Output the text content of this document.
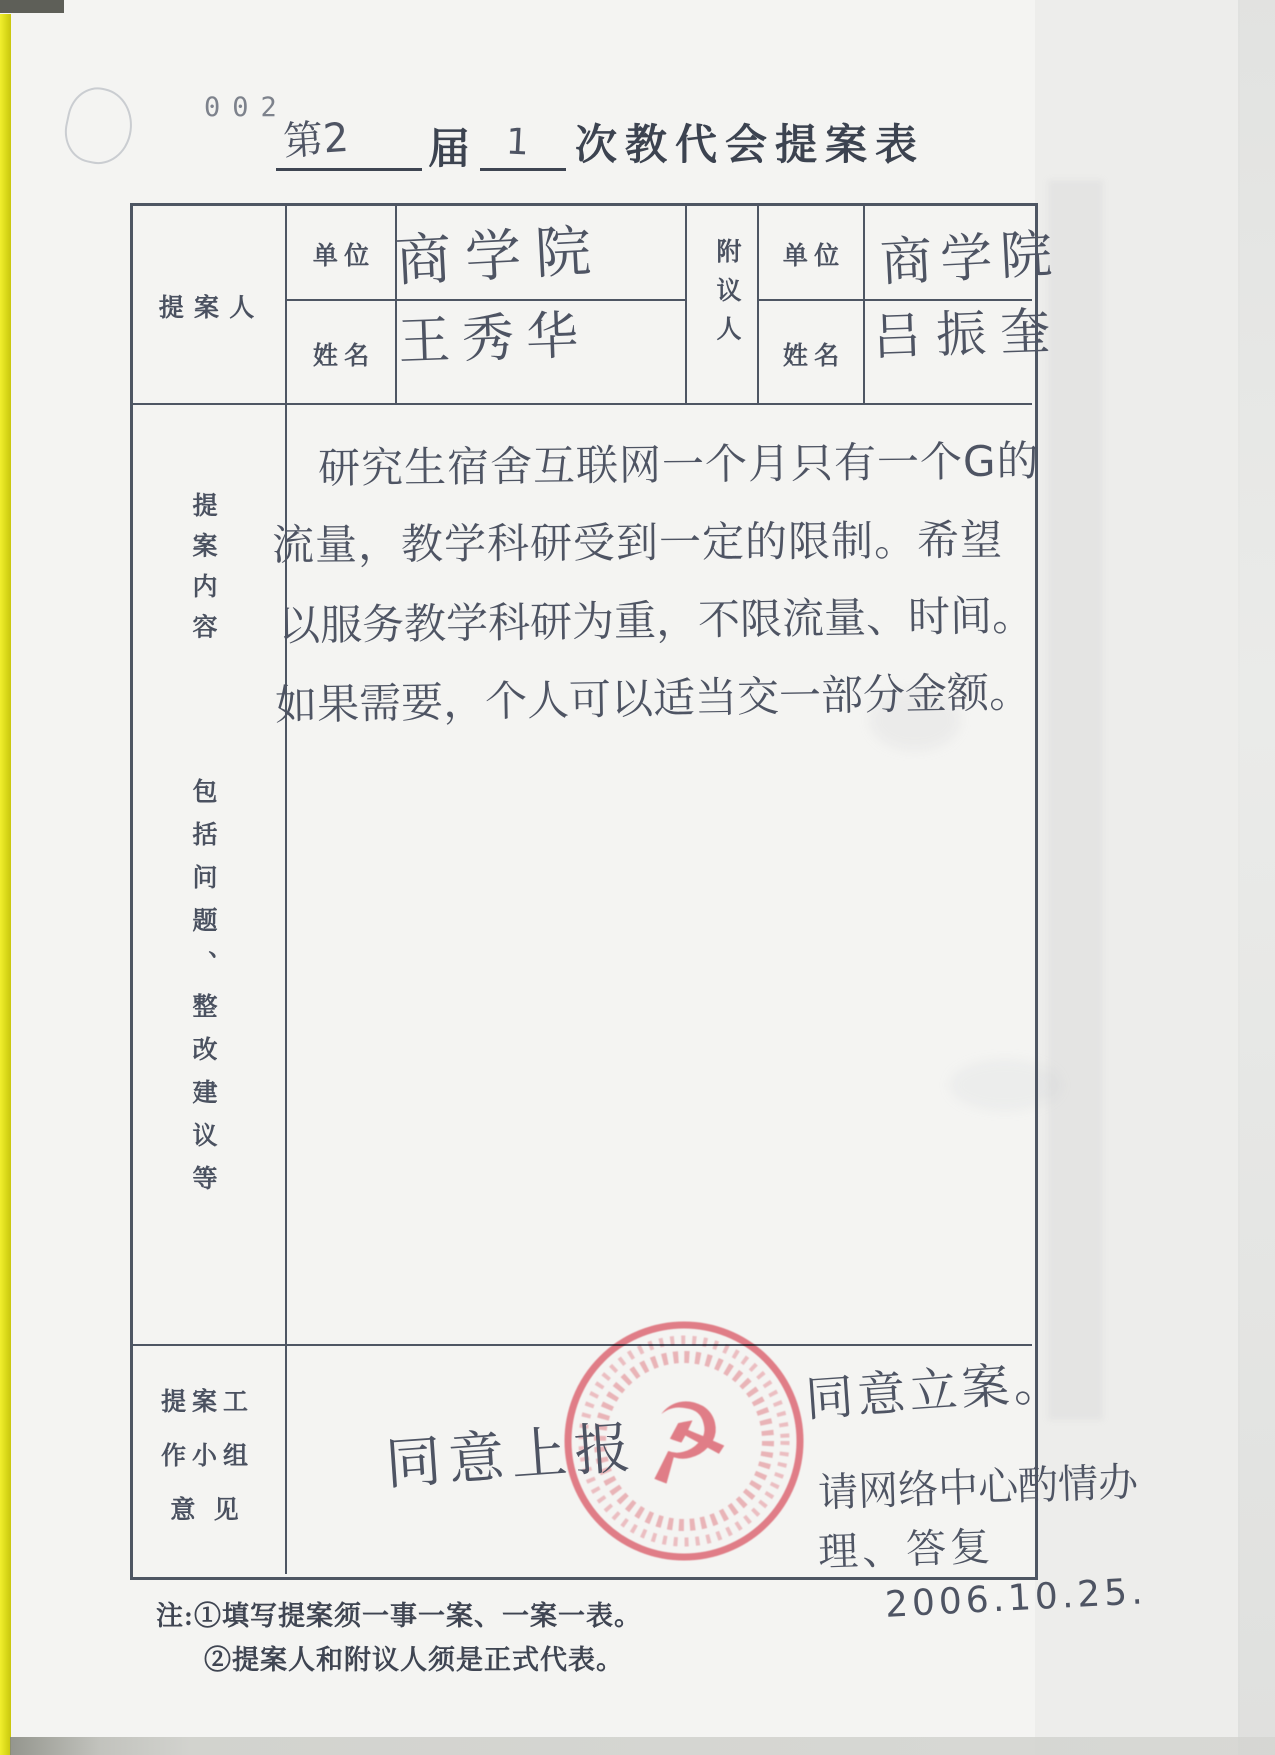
002
第2 届 1 次教代会提案表
提 案 人
单 位
姓 名
附议人	单 位
姓 名
商学院
王秀华
商学院
吕振奎
提案内容
包括问题、整改建议等
研究生宿舍互联网一个月只有一个G的
流量，教学科研受到一定的限制。希望
以服务教学科研为重，不限流量、时间。
如果需要，个人可以适当交一部分金额。
提案工
作小组
意 见
☭
同意上报
同意立案。
请网络中心酌情办
理、答复
2006.10.25.
注:①填写提案须一事一案、一案一表。
②提案人和附议人须是正式代表。
